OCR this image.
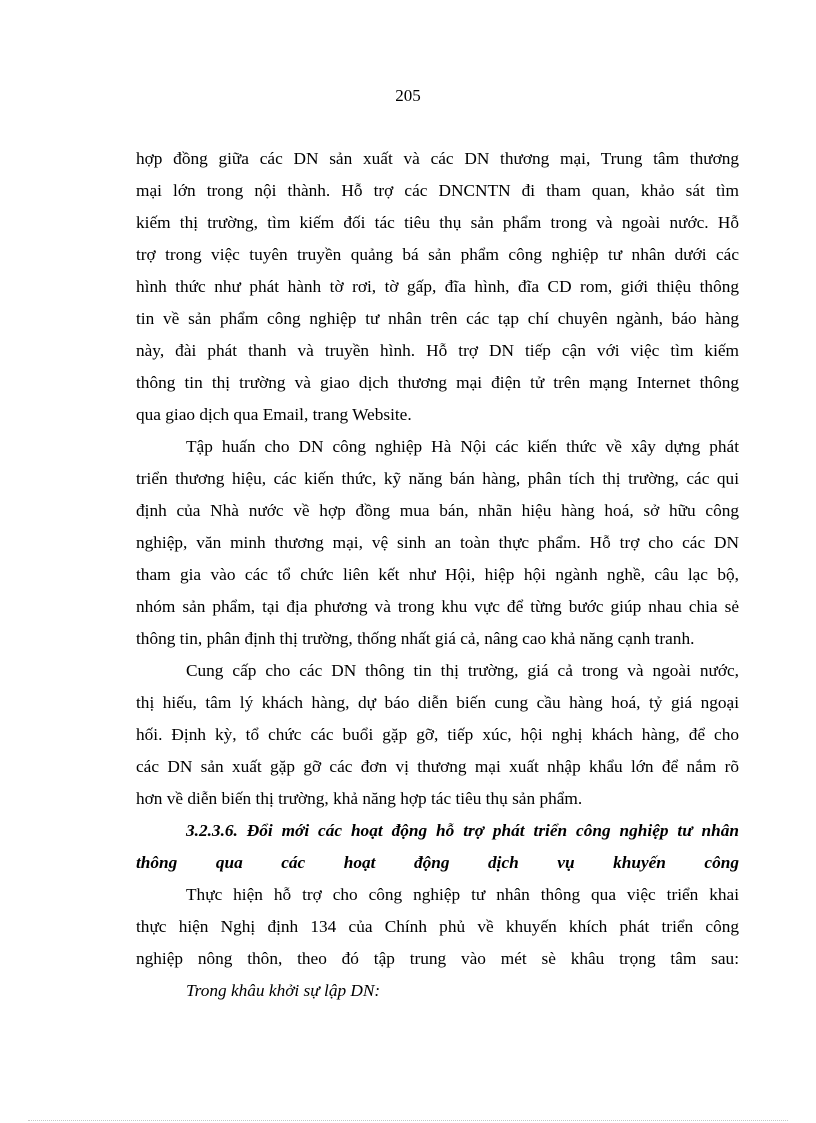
205
hợp đồng giữa các DN sản xuất và các DN thương mại, Trung tâm thương
mại lớn trong nội thành. Hỗ trợ các DNCNTN đi tham quan, khảo sát tìm
kiếm thị trường, tìm kiếm đối tác tiêu thụ sản phẩm trong và ngoài nước. Hỗ
trợ trong việc tuyên truyền quảng bá sản phẩm công nghiệp tư nhân dưới các
hình thức như phát hành tờ rơi, tờ gấp, đĩa hình, đĩa CD rom, giới thiệu thông
tin về sản phẩm công nghiệp tư nhân trên các tạp chí chuyên ngành, báo hàng
này, đài phát thanh và truyền hình. Hỗ trợ DN tiếp cận với việc tìm kiếm
thông tin thị trường và giao dịch thương mại điện tử trên mạng Internet thông
qua giao dịch qua Email, trang Website.
Tập huấn cho DN công nghiệp Hà Nội các kiến thức về xây dựng phát
triển thương hiệu, các kiến thức, kỹ năng bán hàng, phân tích thị trường, các qui
định của Nhà nước về hợp đồng mua bán, nhãn hiệu hàng hoá, sở hữu công
nghiệp, văn minh thương mại, vệ sinh an toàn thực phẩm. Hỗ trợ cho các DN
tham gia vào các tổ chức liên kết như Hội, hiệp hội ngành nghề, câu lạc bộ,
nhóm sản phẩm, tại địa phương và trong khu vực để từng bước giúp nhau chia sẻ
thông tin, phân định thị trường, thống nhất giá cả, nâng cao khả năng cạnh tranh.
Cung cấp cho các DN thông tin thị trường, giá cả trong và ngoài nước,
thị hiếu, tâm lý khách hàng, dự báo diễn biến cung cầu hàng hoá, tỷ giá ngoại
hối. Định kỳ, tổ chức các buổi gặp gỡ, tiếp xúc, hội nghị khách hàng, để cho
các DN sản xuất gặp gỡ các đơn vị thương mại xuất nhập khẩu lớn để nắm rõ
hơn về diễn biến thị trường, khả năng hợp tác tiêu thụ sản phẩm.
3.2.3.6. Đổi mới các hoạt động hỗ trợ phát triển công nghiệp tư nhân
thông qua các hoạt động dịch vụ khuyến công
Thực hiện hỗ trợ cho công nghiệp tư nhân thông qua việc triển khai
thực hiện Nghị định 134 của Chính phủ về khuyến khích phát triển công
nghiệp nông thôn, theo đó tập trung vào mét sè khâu trọng tâm sau:
Trong khâu khởi sự lập DN:
